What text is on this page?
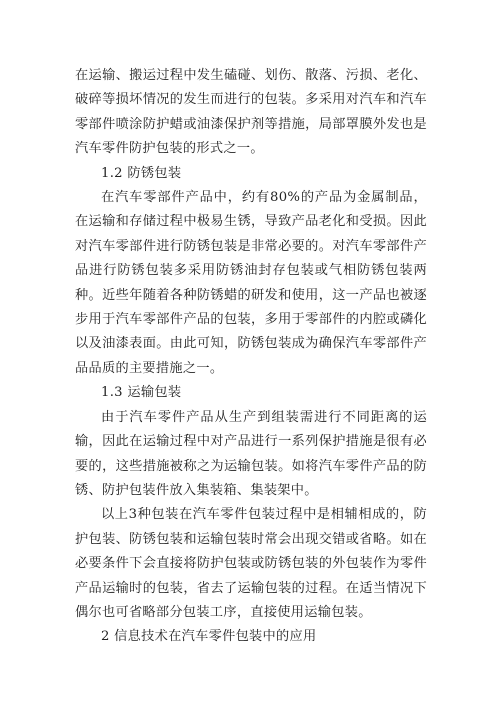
在运输、搬运过程中发生磕碰、划伤、散落、污损、老化、破碎等损坏情况的发生而进行的包装。多采用对汽车和汽车零部件喷涂防护蜡或油漆保护剂等措施，局部罩膜外发也是汽车零件防护包装的形式之一。

1.2 防锈包装

在汽车零部件产品中，约有80%的产品为金属制品，在运输和存储过程中极易生锈，导致产品老化和受损。因此对汽车零部件进行防锈包装是非常必要的。对汽车零部件产品进行防锈包装多采用防锈油封存包装或气相防锈包装两种。近些年随着各种防锈蜡的研发和使用，这一产品也被逐步用于汽车零部件产品的包装，多用于零部件的内腔或磷化以及油漆表面。由此可知，防锈包装成为确保汽车零部件产品品质的主要措施之一。

1.3 运输包装

由于汽车零件产品从生产到组装需进行不同距离的运输，因此在运输过程中对产品进行一系列保护措施是很有必要的，这些措施被称之为运输包装。如将汽车零件产品的防锈、防护包装件放入集装箱、集装架中。

以上3种包装在汽车零件包装过程中是相辅相成的，防护包装、防锈包装和运输包装时常会出现交错或省略。如在必要条件下会直接将防护包装或防锈包装的外包装作为零件产品运输时的包装，省去了运输包装的过程。在适当情况下偶尔也可省略部分包装工序，直接使用运输包装。

2 信息技术在汽车零件包装中的应用
